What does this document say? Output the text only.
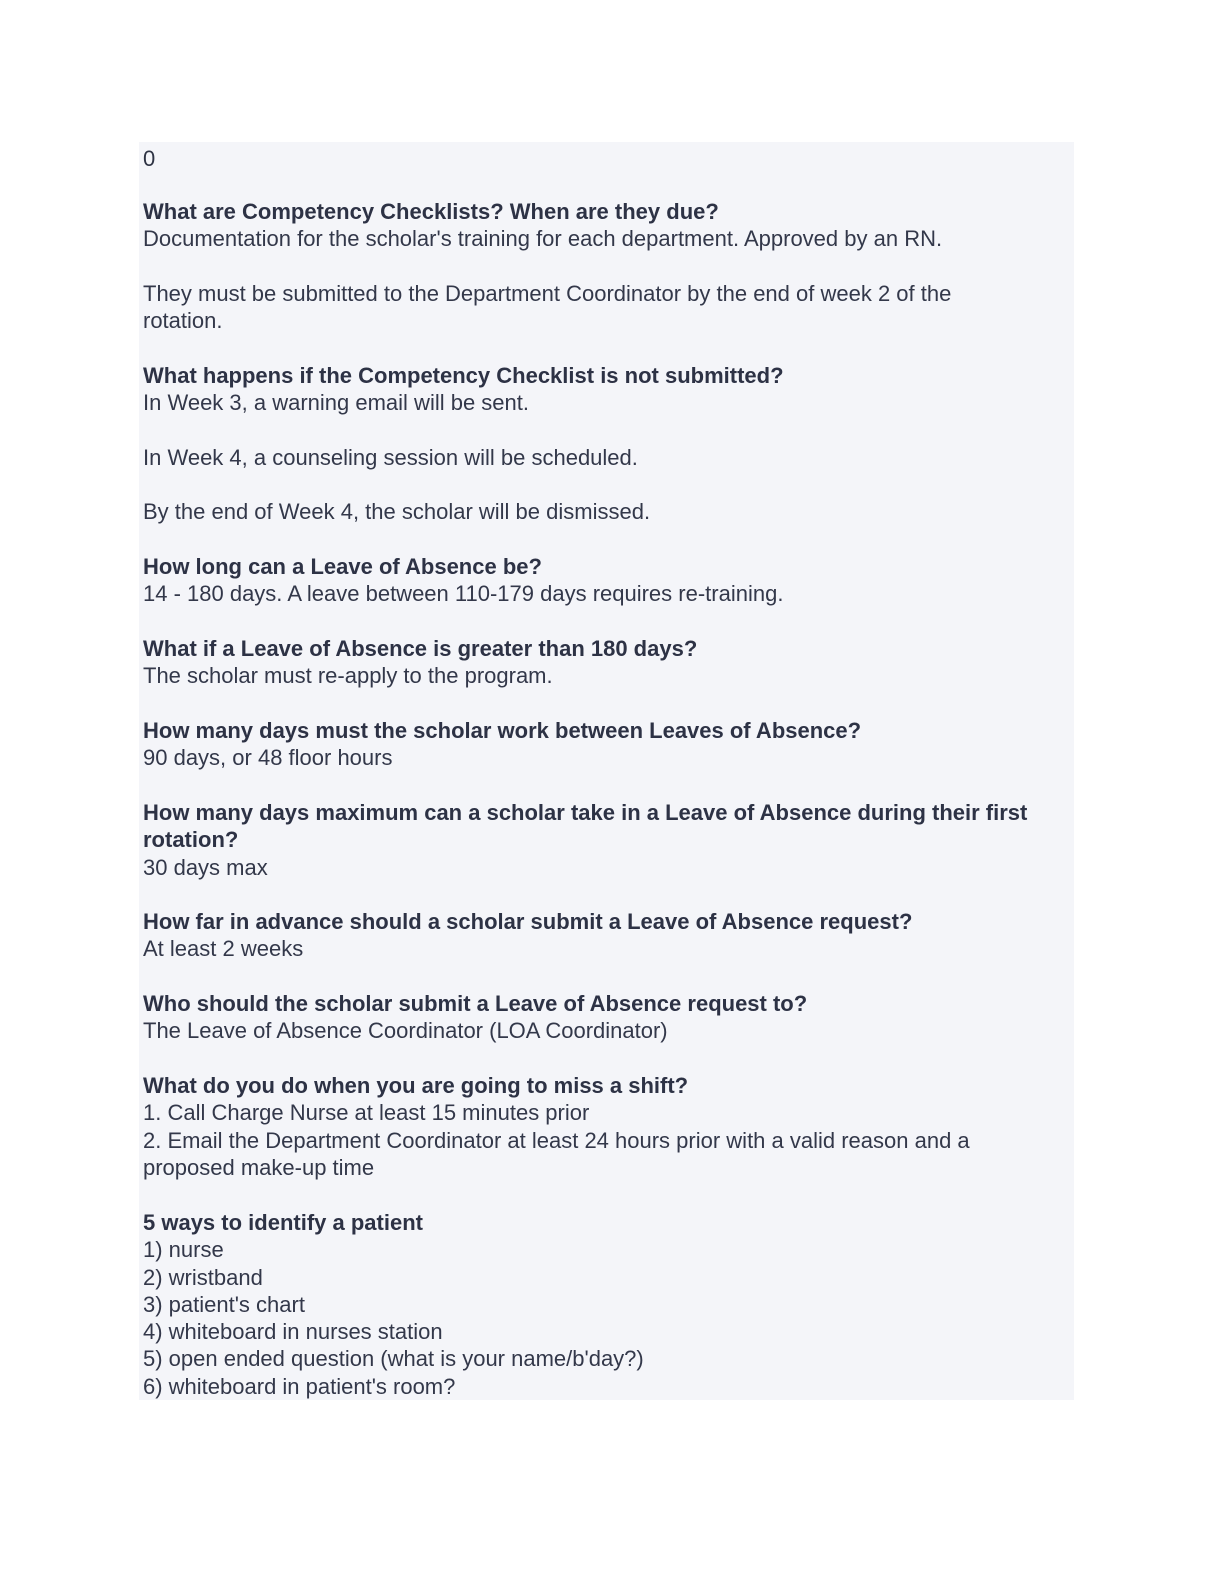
0

What are Competency Checklists? When are they due?

Documentation for the scholar's training for each department. Approved by an RN.

They must be submitted to the Department Coordinator by the end of week 2 of the

rotation.

What happens if the Competency Checklist is not submitted?

In Week 3, a warning email will be sent.

In Week 4, a counseling session will be scheduled.

By the end of Week 4, the scholar will be dismissed.

How long can a Leave of Absence be?

14 - 180 days. A leave between 110-179 days requires re-training.

What if a Leave of Absence is greater than 180 days?

The scholar must re-apply to the program.

How many days must the scholar work between Leaves of Absence?

90 days, or 48 floor hours

How many days maximum can a scholar take in a Leave of Absence during their first rotation?

30 days max

How far in advance should a scholar submit a Leave of Absence request?

At least 2 weeks

Who should the scholar submit a Leave of Absence request to?

The Leave of Absence Coordinator (LOA Coordinator)

What do you do when you are going to miss a shift?

1. Call Charge Nurse at least 15 minutes prior

2. Email the Department Coordinator at least 24 hours prior with a valid reason and a proposed make-up time

5 ways to identify a patient

1) nurse

2) wristband

3) patient's chart

4) whiteboard in nurses station

5) open ended question (what is your name/b'day?)

6) whiteboard in patient's room?
